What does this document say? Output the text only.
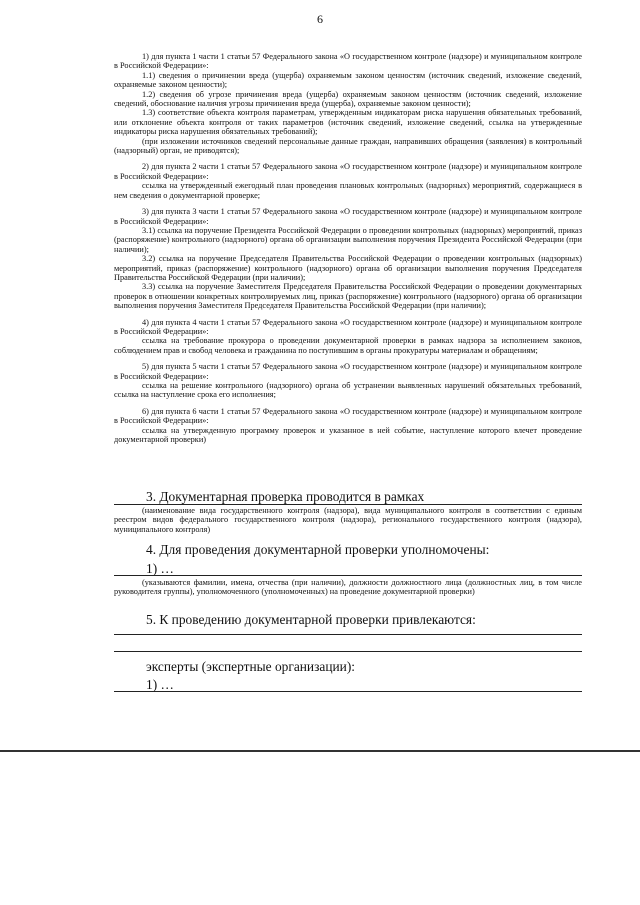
6

1) для пункта 1 части 1 статьи 57 Федерального закона «О государственном контроле (надзоре) и муниципальном контроле в Российской Федерации»:

1.1) сведения о причинении вреда (ущерба) охраняемым законом ценностям (источник сведений, изложение сведений, охраняемые законом ценности);

1.2) сведения об угрозе причинения вреда (ущерба) охраняемым законом ценностям (источник сведений, изложение сведений, обоснование наличия угрозы причинения вреда (ущерба), охраняемые законом ценности);

1.3) соответствие объекта контроля параметрам, утвержденным индикаторам риска нарушения обязательных требований, или отклонение объекта контроля от таких параметров (источник сведений, изложение сведений, ссылка на утвержденные индикаторы риска нарушения обязательных требований);

(при изложении источников сведений персональные данные граждан, направивших обращения (заявления) в контрольный (надзорный) орган, не приводятся);

2) для пункта 2 части 1 статьи 57 Федерального закона «О государственном контроле (надзоре) и муниципальном контроле в Российской Федерации»:

ссылка на утвержденный ежегодный план проведения плановых контрольных (надзорных) мероприятий, содержащиеся в нем сведения о документарной проверке;

3) для пункта 3 части 1 статьи 57 Федерального закона «О государственном контроле (надзоре) и муниципальном контроле в Российской Федерации»:

3.1) ссылка на поручение Президента Российской Федерации о проведении контрольных (надзорных) мероприятий, приказ (распоряжение) контрольного (надзорного) органа об организации выполнения поручения Президента Российской Федерации (при наличии);

3.2) ссылка на поручение Председателя Правительства Российской Федерации о проведении контрольных (надзорных) мероприятий, приказ (распоряжение) контрольного (надзорного) органа об организации выполнения поручения Председателя Правительства Российской Федерации (при наличии);

3.3) ссылка на поручение Заместителя Председателя Правительства Российской Федерации о проведении документарных проверок в отношении конкретных контролируемых лиц, приказ (распоряжение) контрольного (надзорного) органа об организации выполнения поручения Заместителя Председателя Правительства Российской Федерации (при наличии);

4) для пункта 4 части 1 статьи 57 Федерального закона «О государственном контроле (надзоре) и муниципальном контроле в Российской Федерации»:

ссылка на требование прокурора о проведении документарной проверки в рамках надзора за исполнением законов, соблюдением прав и свобод человека и гражданина по поступившим в органы прокуратуры материалам и обращениям;

5) для пункта 5 части 1 статьи 57 Федерального закона «О государственном контроле (надзоре) и муниципальном контроле в Российской Федерации»:

ссылка на решение контрольного (надзорного) органа об устранении выявленных нарушений обязательных требований, ссылка на наступление срока его исполнения;

6) для пункта 6 части 1 статьи 57 Федерального закона «О государственном контроле (надзоре) и муниципальном контроле в Российской Федерации»:

ссылка на утвержденную программу проверок и указанное в ней событие, наступление которого влечет проведение документарной проверки)

3. Документарная проверка проводится в рамках
(наименование вида государственного контроля (надзора), вида муниципального контроля в соответствии с единым реестром видов федерального государственного контроля (надзора), регионального государственного контроля (надзора), муниципального контроля)
4. Для проведения документарной проверки уполномочены:
1) …
(указываются фамилии, имена, отчества (при наличии), должности должностного лица (должностных лиц, в том числе руководителя группы), уполномоченного (уполномоченных) на проведение документарной проверки)
5. К проведению документарной проверки привлекаются:
эксперты (экспертные организации):
1) …
